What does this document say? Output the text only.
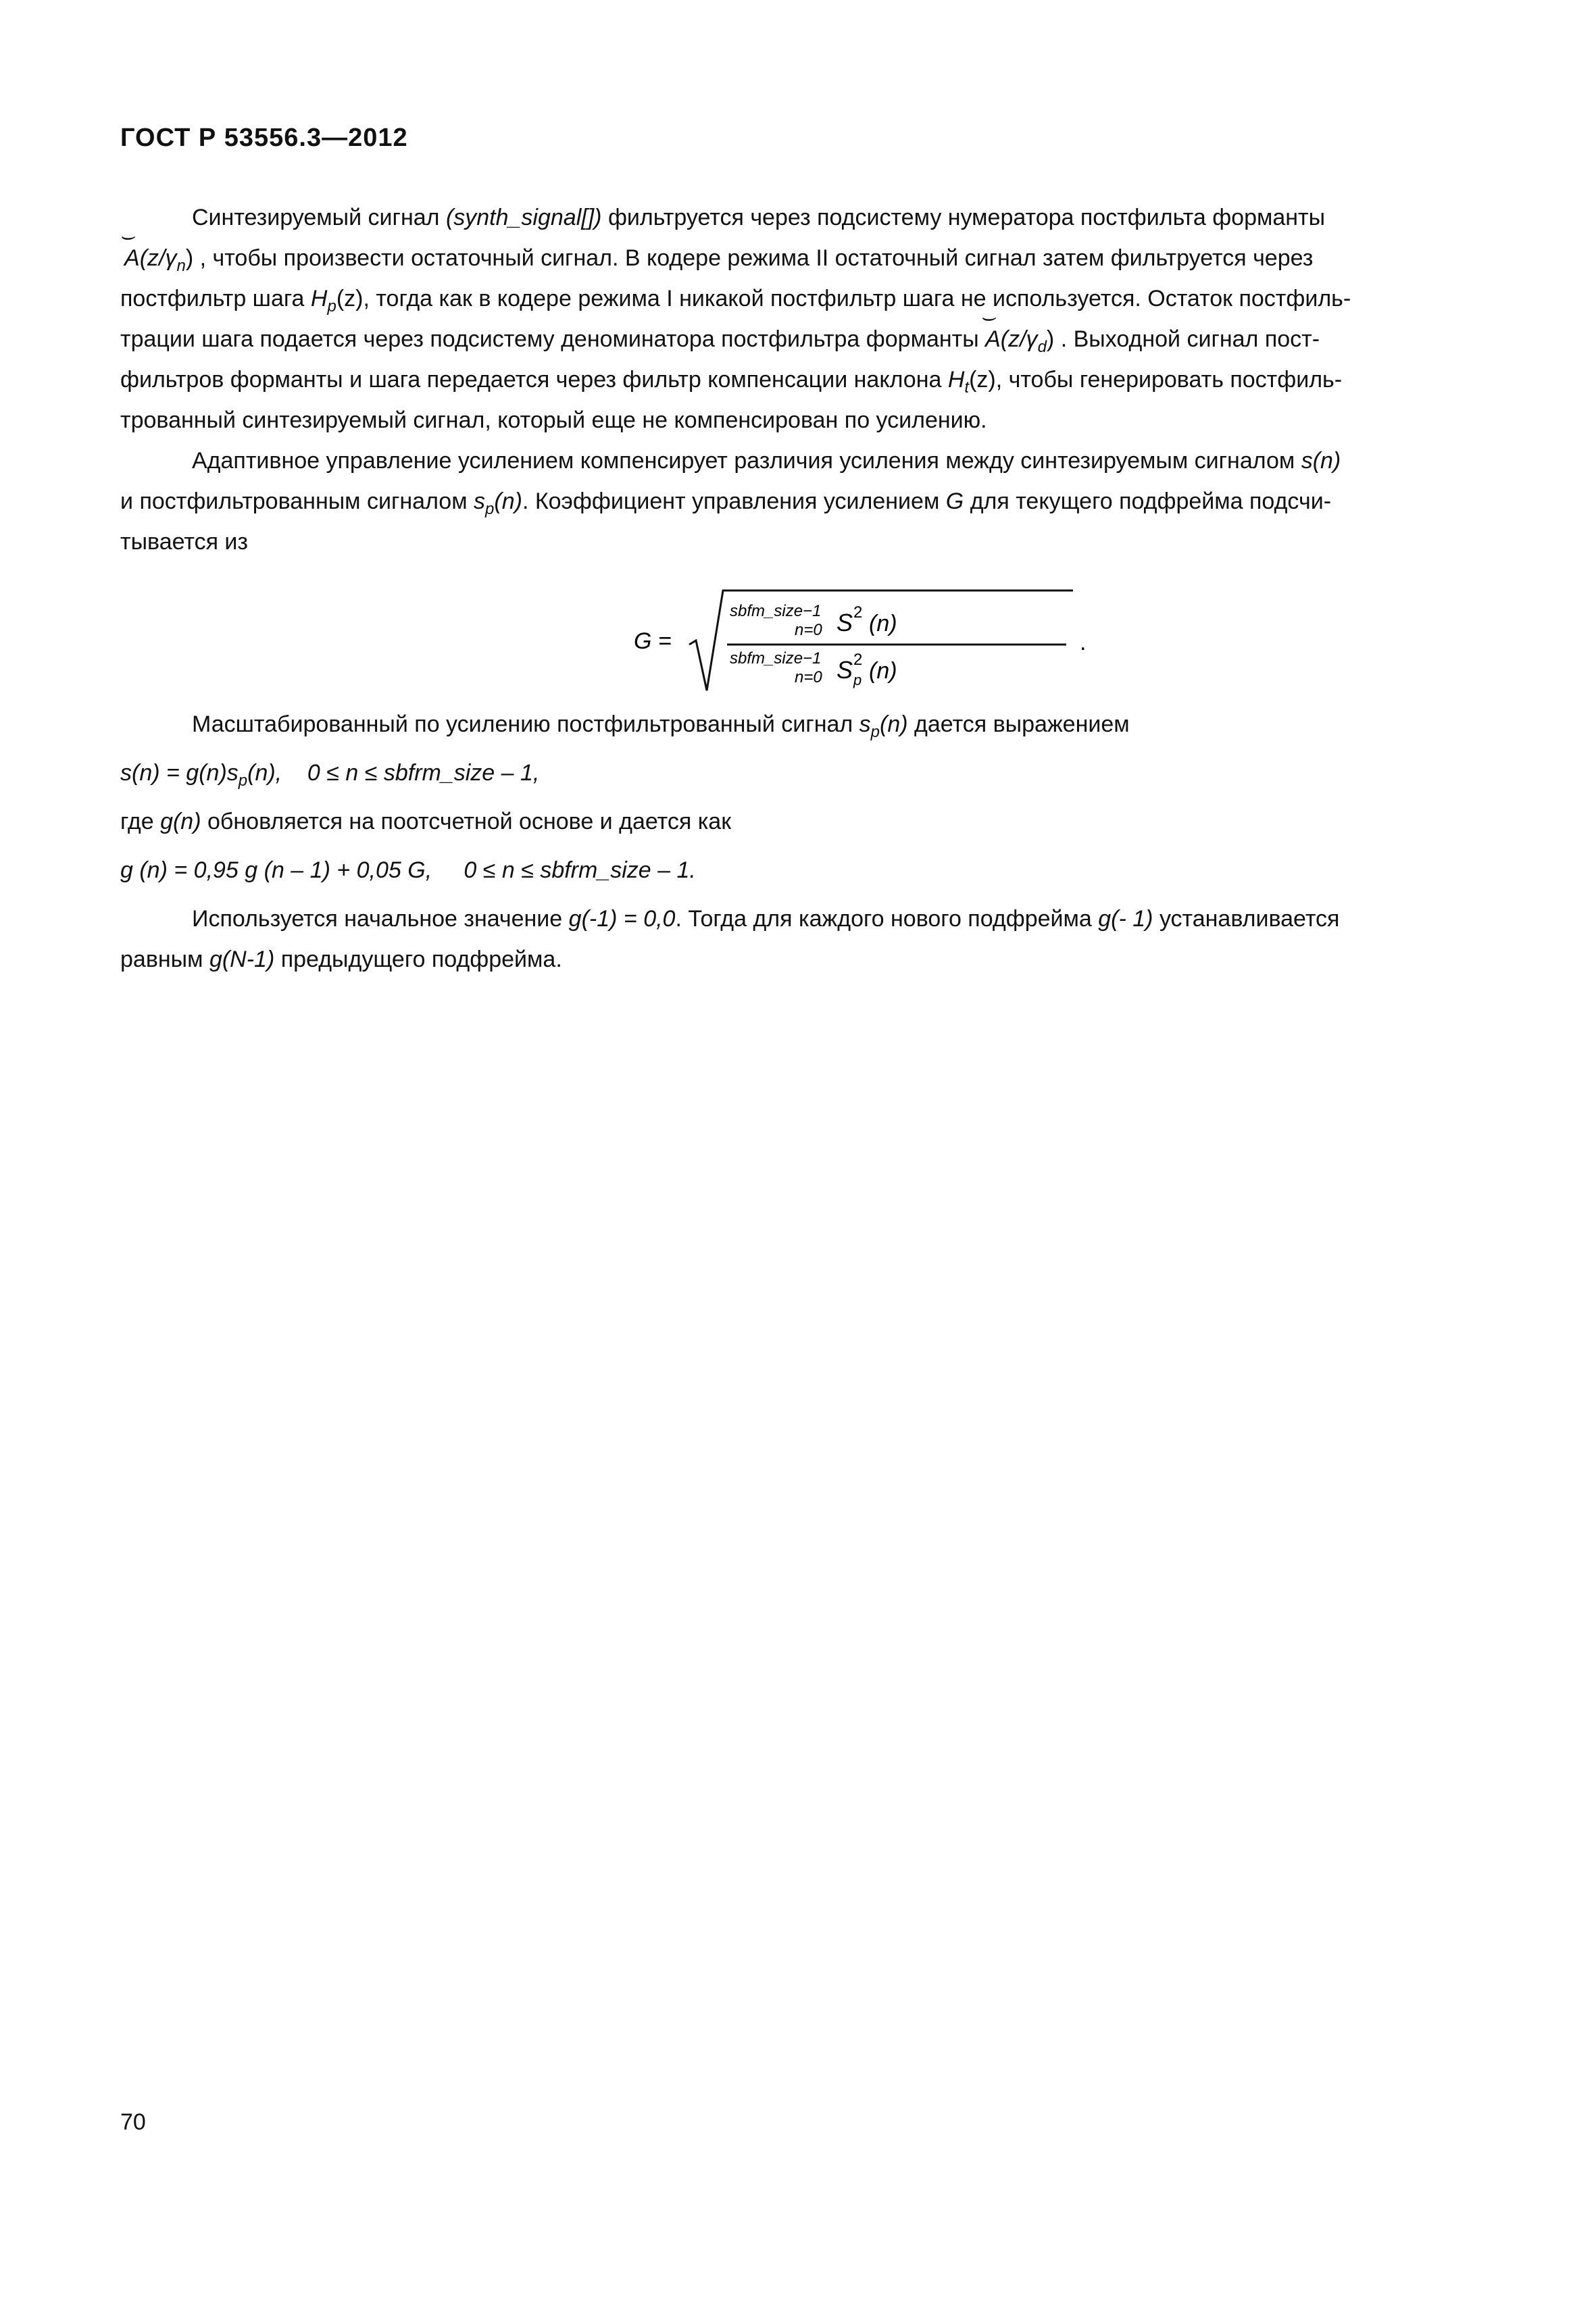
ГОСТ Р 53556.3—2012

Синтезируемый сигнал (synth_signal[]) фильтруется через подсистему нумератора постфильта форманты

⌢ $A(z/\gamma_n)$ , чтобы произвести остаточный сигнал. В кодере режима II остаточный сигнал затем фильтруется через

постфильтр шага $H_p(z)$, тогда как в кодере режима I никакой постфильтр шага не используется. Остаток постфиль-

трации шага подается через подсистему деноминатора постфильтра форманты ⌢ $A(z/\gamma_d)$ . Выходной сигнал пост-

фильтров форманты и шага передается через фильтр компенсации наклона $H_t(z)$, чтобы генерировать постфиль-

трованный синтезируемый сигнал, который еще не компенсирован по усилению.

Адаптивное управление усилением компенсирует различия усиления между синтезируемым сигналом s(n)

и постфильтрованным сигналом $s_p(n)$. Коэффициент управления усилением G для текущего подфрейма подсчи-

тывается из

G =
sbfm_size−1
n=0 S 2 (n)
sbfm_size−1
n=0 S 2
p (n)
.

Масштабированный по усилению постфильтрованный сигнал $s_p(n)$ дается выражением

$s(n) = g(n)s_p(n)$, 0 ≤ n ≤ sbfrm_size – 1,

где g(n) обновляется на поотсчетной основе и дается как

g (n) = 0,95 g (n – 1) + 0,05 G, 0 ≤ n ≤ sbfrm_size – 1.

Используется начальное значение g(-1) = 0,0. Тогда для каждого нового подфрейма g(- 1) устанавливается

равным g(N-1) предыдущего подфрейма.

70
